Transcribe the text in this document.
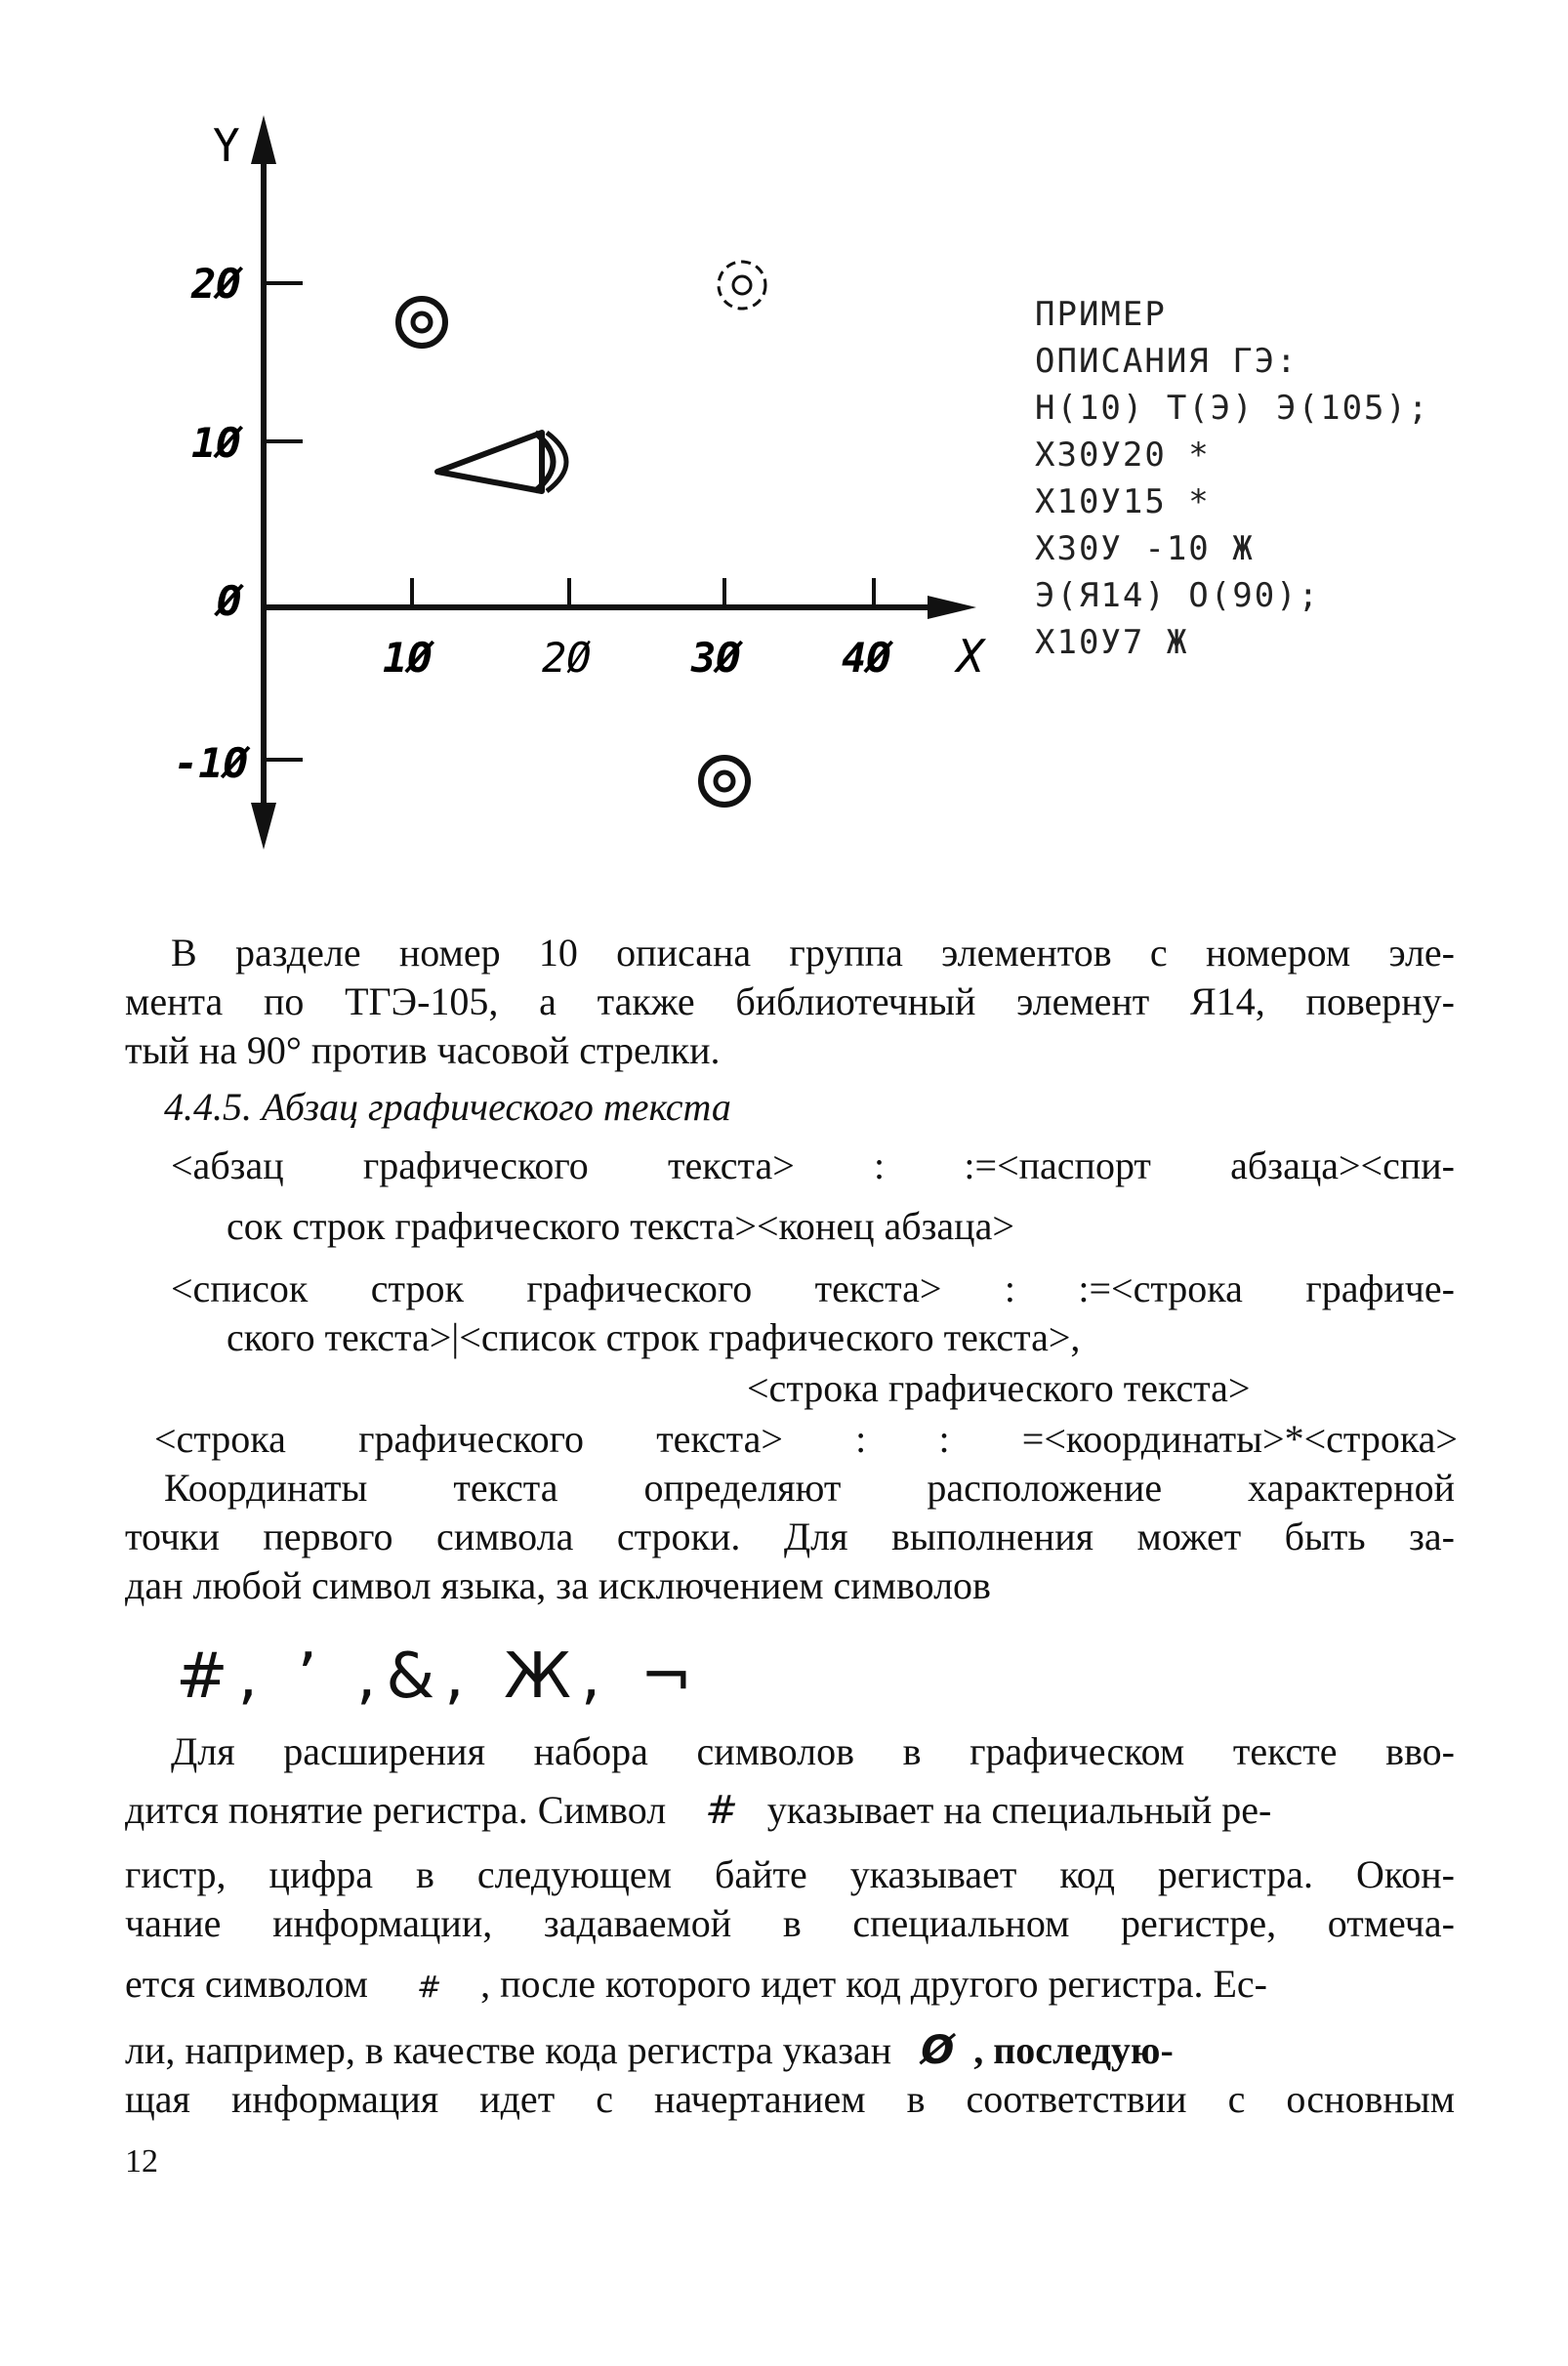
Y
X
2Ø
1Ø
Ø
-1Ø
1Ø	2Ø 3Ø 4Ø
ПРИМЕР
ОПИСАНИЯ ГЭ:
Н(10) Т(Э) Э(105);
Х30У20 *
Х10У15 *
Х30У -10 Ж
Э(Я14) О(90);
Х10У7 Ж
В разделе номер 10 описана группа элементов с номером эле-
мента по ТГЭ-105, а также библиотечный элемент Я14, поверну-
тый на 90° против часовой стрелки.
4.4.5. Абзац графического текста
<абзац графического текста> : :=<паспорт абзаца><спи-
сок строк графического текста><конец абзаца>
<список строк графического текста> : :=<строка графиче-
ского текста>|<список строк графического текста>,
<строка графического текста>
<строка графического текста> : : =<координаты>*<строка>
Координаты текста определяют расположение характерной
точки первого символа строки. Для выполнения может быть за-
дан любой символ языка, за исключением символов
#, ’ ,&, Ж, ¬
Для расширения набора символов в графическом тексте вво-
дится понятие регистра. Символ # указывает на специальный ре-
гистр, цифра в следующем байте указывает код регистра. Окон-
чание информации, задаваемой в специальном регистре, отмеча-
ется символом # , после которого идет код другого регистра. Ес-
ли, например, в качестве кода регистра указан Ø , последую-
щая информация идет с начертанием в соответствии с основным
12
